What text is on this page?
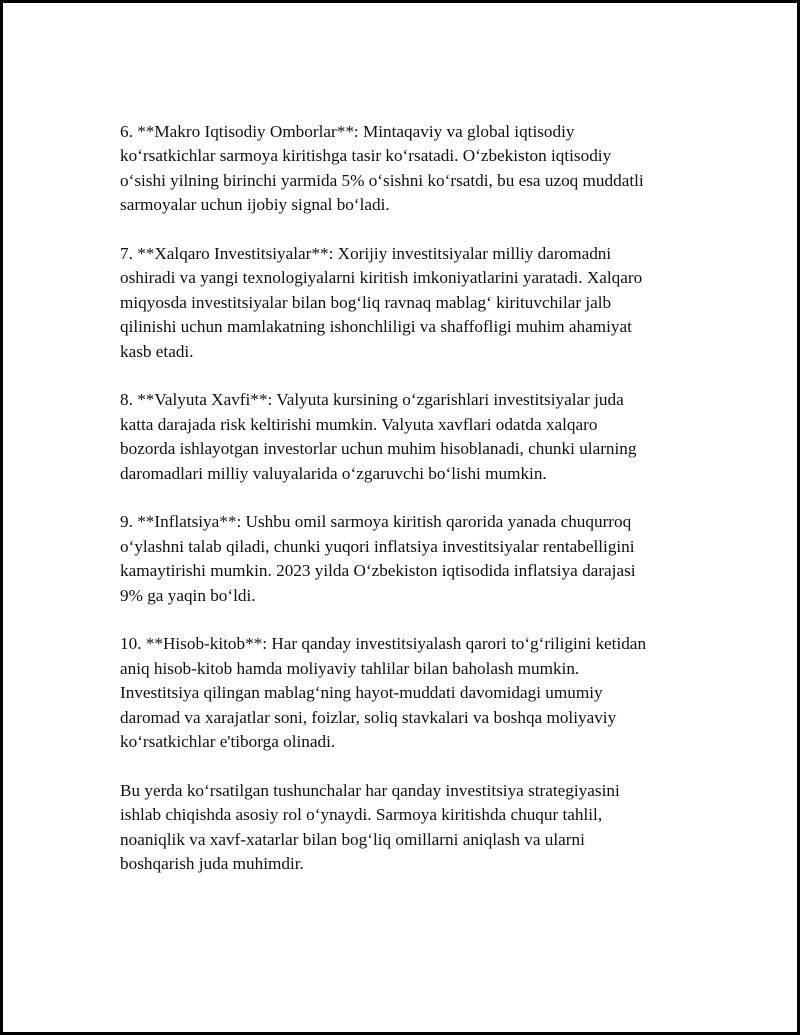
6. **Makro Iqtisodiy Omborlar**: Mintaqaviy va global iqtisodiy
koʻrsatkichlar sarmoya kiritishga tasir koʻrsatadi. Oʻzbekiston iqtisodiy
oʻsishi yilning birinchi yarmida 5% oʻsishni koʻrsatdi, bu esa uzoq muddatli
sarmoyalar uchun ijobiy signal boʻladi.

7. **Xalqaro Investitsiyalar**: Xorijiy investitsiyalar milliy daromadni
oshiradi va yangi texnologiyalarni kiritish imkoniyatlarini yaratadi. Xalqaro
miqyosda investitsiyalar bilan bogʻliq ravnaq mablagʻ kirituvchilar jalb
qilinishi uchun mamlakatning ishonchliligi va shaffofligi muhim ahamiyat
kasb etadi.

8. **Valyuta Xavfi**: Valyuta kursining oʻzgarishlari investitsiyalar juda
katta darajada risk keltirishi mumkin. Valyuta xavflari odatda xalqaro
bozorda ishlayotgan investorlar uchun muhim hisoblanadi, chunki ularning
daromadlari milliy valuyalarida oʻzgaruvchi boʻlishi mumkin.

9. **Inflatsiya**: Ushbu omil sarmoya kiritish qarorida yanada chuqurroq
oʻylashni talab qiladi, chunki yuqori inflatsiya investitsiyalar rentabelligini
kamaytirishi mumkin. 2023 yilda Oʻzbekiston iqtisodida inflatsiya darajasi
9% ga yaqin boʻldi.

10. **Hisob-kitob**: Har qanday investitsiyalash qarori toʻgʻriligini ketidan
aniq hisob-kitob hamda moliyaviy tahlilar bilan baholash mumkin.
Investitsiya qilingan mablagʻning hayot-muddati davomidagi umumiy
daromad va xarajatlar soni, foizlar, soliq stavkalari va boshqa moliyaviy
koʻrsatkichlar e'tiborga olinadi.

Bu yerda koʻrsatilgan tushunchalar har qanday investitsiya strategiyasini
ishlab chiqishda asosiy rol oʻynaydi. Sarmoya kiritishda chuqur tahlil,
noaniqlik va xavf-xatarlar bilan bogʻliq omillarni aniqlash va ularni
boshqarish juda muhimdir.
